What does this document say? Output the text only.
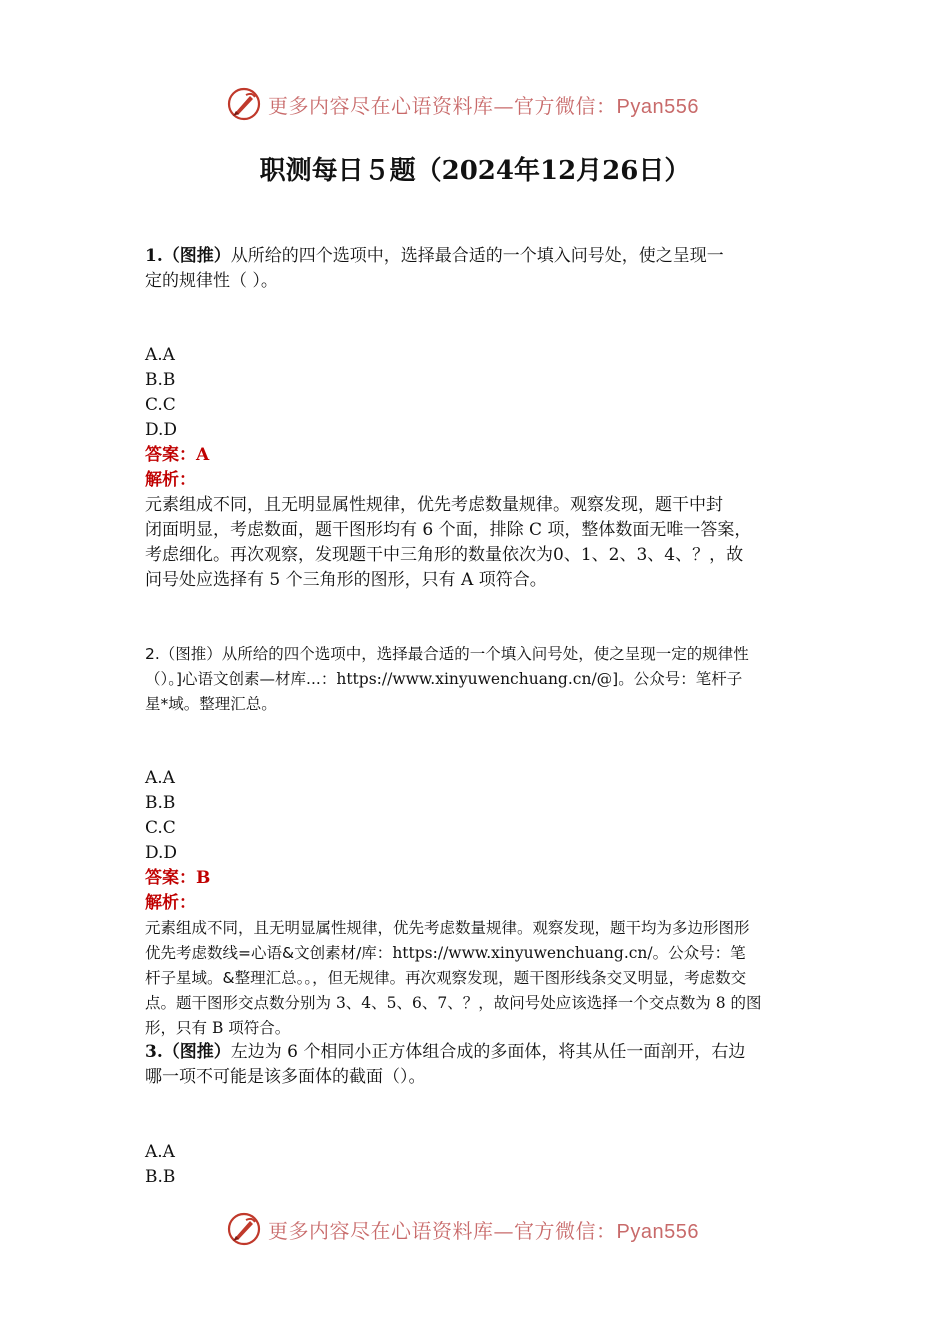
更多内容尽在心语资料库—官方微信：Pyan556
职测每日５题（2024年12月26日）
1.（图推）从所给的四个选项中，选择最合适的一个填入问号处，使之呈现一
定的规律性（ ）。
A.A
B.B
C.C
D.D
答案：A
解析：
元素组成不同，且无明显属性规律，优先考虑数量规律。观察发现，题干中封
闭面明显，考虑数面，题干图形均有 6 个面，排除 C 项，整体数面无唯一答案，
考虑细化。再次观察，发现题干中三角形的数量依次为0、1、2、3、4、？，故
问号处应选择有 5 个三角形的图形，只有 A 项符合。
2.（图推）从所给的四个选项中，选择最合适的一个填入问号处，使之呈现一定的规律性
（）。]心语文创素—材库...：https://www.xinyuwenchuang.cn/@]。公众号：笔杆子
星*域。整理汇总。
A.A
B.B
C.C
D.D
答案：B
解析：
元素组成不同，且无明显属性规律，优先考虑数量规律。观察发现，题干均为多边形图形
优先考虑数线=心语&文创素材/库：https://www.xinyuwenchuang.cn/。公众号：笔
杆子星域。&整理汇总。。，但无规律。再次观察发现，题干图形线条交叉明显，考虑数交
点。题干图形交点数分别为 3、4、5、6、7、？，故问号处应该选择一个交点数为 8 的图
形，只有 B 项符合。
3.（图推）左边为 6 个相同小正方体组合成的多面体，将其从任一面剖开，右边
哪一项不可能是该多面体的截面（）。
A.A
B.B
更多内容尽在心语资料库—官方微信：Pyan556
